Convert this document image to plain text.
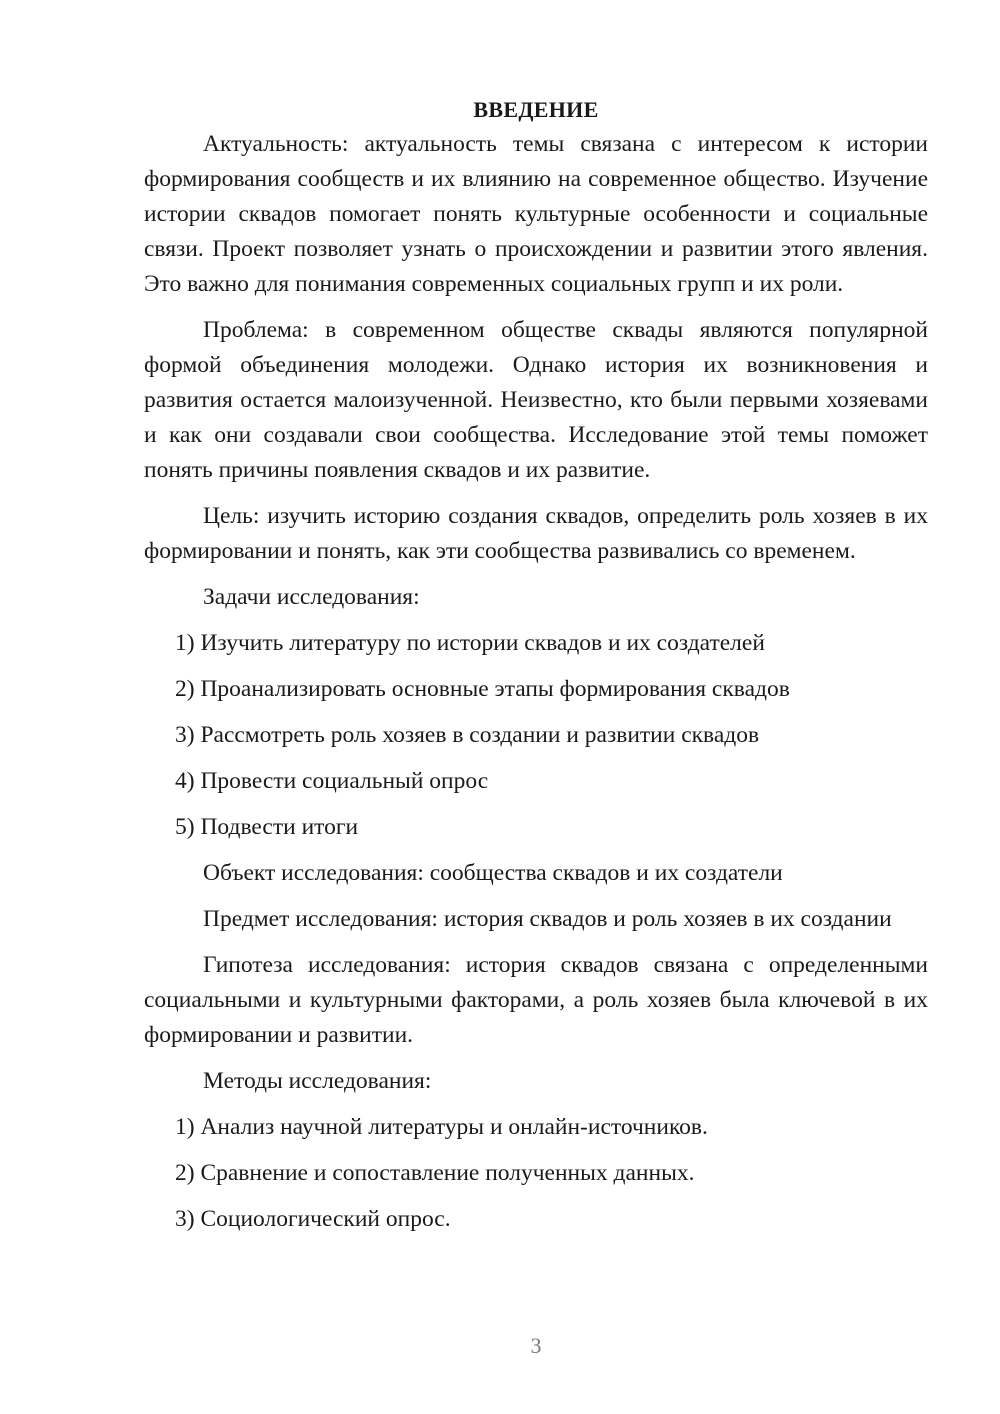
ВВЕДЕНИЕ

Актуальность: актуальность темы связана с интересом к истории формирования сообществ и их влиянию на современное общество. Изучение истории сквадов помогает понять культурные особенности и социальные связи. Проект позволяет узнать о происхождении и развитии этого явления. Это важно для понимания современных социальных групп и их роли.

Проблема: в современном обществе сквады являются популярной формой объединения молодежи. Однако история их возникновения и развития остается малоизученной. Неизвестно, кто были первыми хозяевами и как они создавали свои сообщества. Исследование этой темы поможет понять причины появления сквадов и их развитие.

Цель: изучить историю создания сквадов, определить роль хозяев в их формировании и понять, как эти сообщества развивались со временем.

Задачи исследования:

1) Изучить литературу по истории сквадов и их создателей
2) Проанализировать основные этапы формирования сквадов
3) Рассмотреть роль хозяев в создании и развитии сквадов
4) Провести социальный опрос
5) Подвести итоги

Объект исследования: сообщества сквадов и их создатели

Предмет исследования: история сквадов и роль хозяев в их создании

Гипотеза исследования: история сквадов связана с определенными социальными и культурными факторами, а роль хозяев была ключевой в их формировании и развитии.

Методы исследования:

1) Анализ научной литературы и онлайн-источников.
2) Сравнение и сопоставление полученных данных.
3) Социологический опрос.
3
